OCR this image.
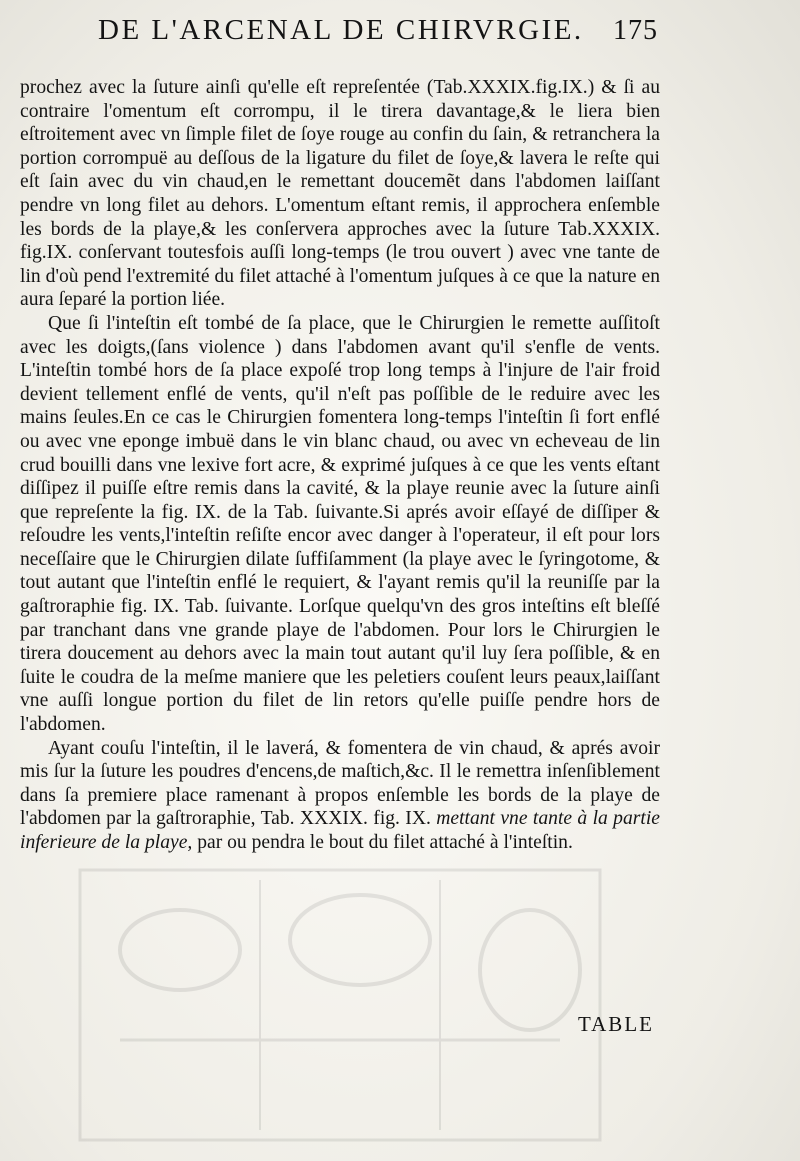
DE L'ARCENAL DE CHIRVRGIE. 175

prochez avec la ſuture ainſi qu'elle eſt repreſentée (Tab.XXXIX.fig.IX.) & ſi au contraire l'omentum eſt corrompu, il le tirera davantage,& le liera bien eſtroitement avec vn ſimple filet de ſoye rouge au confin du ſain, & retranchera la portion corrompuë au deſſous de la ligature du filet de ſoye,& lavera le reſte qui eſt ſain avec du vin chaud,en le remettant doucemẽt dans l'abdomen laiſſant pendre vn long filet au dehors. L'omentum eſtant remis, il approchera enſemble les bords de la playe,& les conſervera approches avec la ſuture Tab.XXXIX. fig.IX. conſervant toutesfois auſſi long-temps (le trou ouvert ) avec vne tante de lin d'où pend l'extremité du filet attaché à l'omentum juſques à ce que la nature en aura ſeparé la portion liée.

Que ſi l'inteſtin eſt tombé de ſa place, que le Chirurgien le remette auſſitoſt avec les doigts,(ſans violence ) dans l'abdomen avant qu'il s'enfle de vents. L'inteſtin tombé hors de ſa place expoſé trop long temps à l'injure de l'air froid devient tellement enflé de vents, qu'il n'eſt pas poſſible de le reduire avec les mains ſeules.En ce cas le Chirurgien fomentera long-temps l'inteſtin ſi fort enflé ou avec vne eponge imbuë dans le vin blanc chaud, ou avec vn echeveau de lin crud bouilli dans vne lexive fort acre, & exprimé juſques à ce que les vents eſtant diſſipez il puiſſe eſtre remis dans la cavité, & la playe reunie avec la ſuture ainſi que repreſente la fig. IX. de la Tab. ſuivante.Si aprés avoir eſſayé de diſſiper & reſoudre les vents,l'inteſtin reſiſte encor avec danger à l'operateur, il eſt pour lors neceſſaire que le Chirurgien dilate ſuffiſamment (la playe avec le ſyringotome, & tout autant que l'inteſtin enflé le requiert, & l'ayant remis qu'il la reuniſſe par la gaſtroraphie fig. IX. Tab. ſuivante. Lorſque quelqu'vn des gros inteſtins eſt bleſſé par tranchant dans vne grande playe de l'abdomen. Pour lors le Chirurgien le tirera doucement au dehors avec la main tout autant qu'il luy ſera poſſible, & en ſuite le coudra de la meſme maniere que les peletiers couſent leurs peaux,laiſſant vne auſſi longue portion du filet de lin retors qu'elle puiſſe pendre hors de l'abdomen.

Ayant couſu l'inteſtin, il le laverá, & fomentera de vin chaud, & aprés avoir mis ſur la ſuture les poudres d'encens,de maſtich,&c. Il le remettra inſenſiblement dans ſa premiere place ramenant à propos enſemble les bords de la playe de l'abdomen par la gaſtroraphie, Tab. XXXIX. fig. IX. mettant vne tante à la partie inferieure de la playe, par ou pendra le bout du filet attaché à l'inteſtin.

TABLE
